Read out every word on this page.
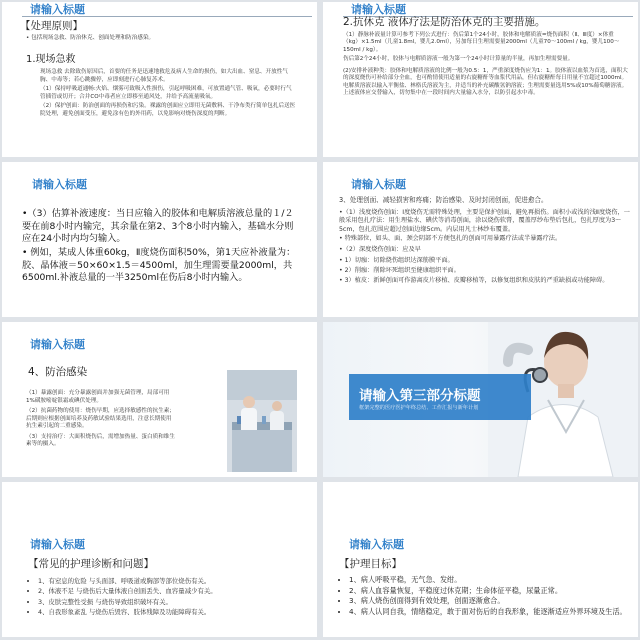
请输入标题

【处理原则】

• 包括现场急救、防治休克、创面处理和防治感染。

1.现场急救

现场急救 去除致伤原因后，首要的任务是迅速地救危及病人生命的损伤，如大出血、窒息、开放性气胸、中毒等；若心跳骤停，应即刻进行心肺复苏术。

（1）保持呼吸道通畅:火焰、烟雾可致吸入性损伤，引起呼吸困难，可放置通气管、吸氧，必要时行气管插管或切开；合并CO中毒者应立即移至通风处，并给予高流量吸氧。

（2）保护创面：防治创面的再损伤和污染。裸露的创面应立即用无菌敷料、干净布类行简单包扎后送医院处理，避免创面受压，避免涂有色的外用药，以免影响对烧伤深度的判断。

请输入标题

2.抗休克 液体疗法是防治休克的主要措施。

（1）静脉补液量计算可参考下列公式进行：伤后第1个24小时，胶体和电解质液=烧伤面积（Ⅱ、Ⅲ度）×体重（kg）×1.5ml（儿童1.8ml，婴儿2.0ml），另加每日生理需要量2000ml（儿童70～100ml / kg，婴儿100～150ml / kg）。

伤后第2个24小时，胶体与电解质溶液一般为第一个24小时计算量的半量，再加生理需要量。

(2)安排补液种类：胶体和电解质溶液的比例一般为0.5：1，严重深度烧伤应为1：1。胶体液以血浆为首选，面积大的深度烧伤可补给部分全血，也可酌情使用适量的右旋糖酐等血浆代用品，但右旋糖酐每日用量不宜超过1000ml。电解质溶液以输入平衡盐、林格氏溶液为主，并适当的补充碳酸氢钠溶液；生理需要量选用5%或10%葡萄糖溶液。上述液体应交替输入，切勿集中在一段时间内大量输入水分，以防引起水中毒。

请输入标题

•（3）估算补液速度：当日应输入的胶体和电解质溶液总量的１/２要在前8小时内输完，其余量在第2、3个8小时内输入，基础水分则应在24小时内均匀输入。

• 例如，某成人体重60kg，Ⅱ度烧伤面积50%，第1天应补液量为：胶、晶体液＝50×60×1.5＝4500ml，加生理需要量2000ml，共6500ml.补液总量的一半3250ml在伤后8小时内输入。

请输入标题

3、处理创面、减轻损害和疼痛；防治感染、及时封闭创面，促进愈合。

•（1）浅度烧伤创面：Ⅰ度烧伤无需特殊处理，主要是保护创面，避免再损伤。面积小或浅的浅Ⅱ度烧伤，一般采用包扎疗法：用生理盐水、碘伏等消毒创面，涂以烧伤软膏，覆盖厚纱布垫后包扎，包扎厚度为3～5cm，包扎范围应超过创面边缘5cm。内层用凡士林纱布覆盖。

• 特殊部位，如头、面、颈会阴部不方便包扎的创面可用暴露疗法或半暴露疗法。

•（2）深度烧伤创面：应及早

• 1）切痂：切除烧伤组织达深筋膜平面。

• 2）削痂：削除坏死组织至健康组织平面。

• 3）植皮：新鲜创面可作游离皮片移植、皮瓣移植等，以修复组织和皮肤的严重缺损或功能障碍。

请输入标题

4、防治感染

（1）暴露创面：充分暴露创面并加强无菌管理，局部可用1%磺胺嘧啶银霜或碘伏处理。

（2）抗菌药物的使用：烧伤早期，应选择敏感性的抗生素；后期则应根据创面培养及药敏试验结果选用，注意长期使用抗生素引起的二重感染。

（3）支持治疗：大面积烧伤后，需增加热量、蛋白质和维生素等的摄入。

请输入第三部分标题
框架完整的医疗医护年终总结、工作汇报与新年计划
请输入标题

【常见的护理诊断和问题】

• 1、有窒息的危险 与头面部、呼吸道或胸部等部位烧伤有关。
• 2、体液不足 与烧伤后大量体液自创面丢失、血容量减少有关。
• 3、皮肤完整性受损 与烧伤导致组织破坏有关。
• 4、自我形象紊乱 与烧伤后毁容、肢体残障及功能障碍有关。
请输入标题

【护理目标】

• 1、病人呼吸平稳，无气急、发绀。
• 2、病人血容量恢复，平稳度过休克期；生命体征平稳，尿量正常。
• 3、病人烧伤创面得到有效处理，创面逐渐愈合。
• 4、病人认同自我，情绪稳定，敢于面对伤后的自我形象，能逐渐适应外界环境及生活。
